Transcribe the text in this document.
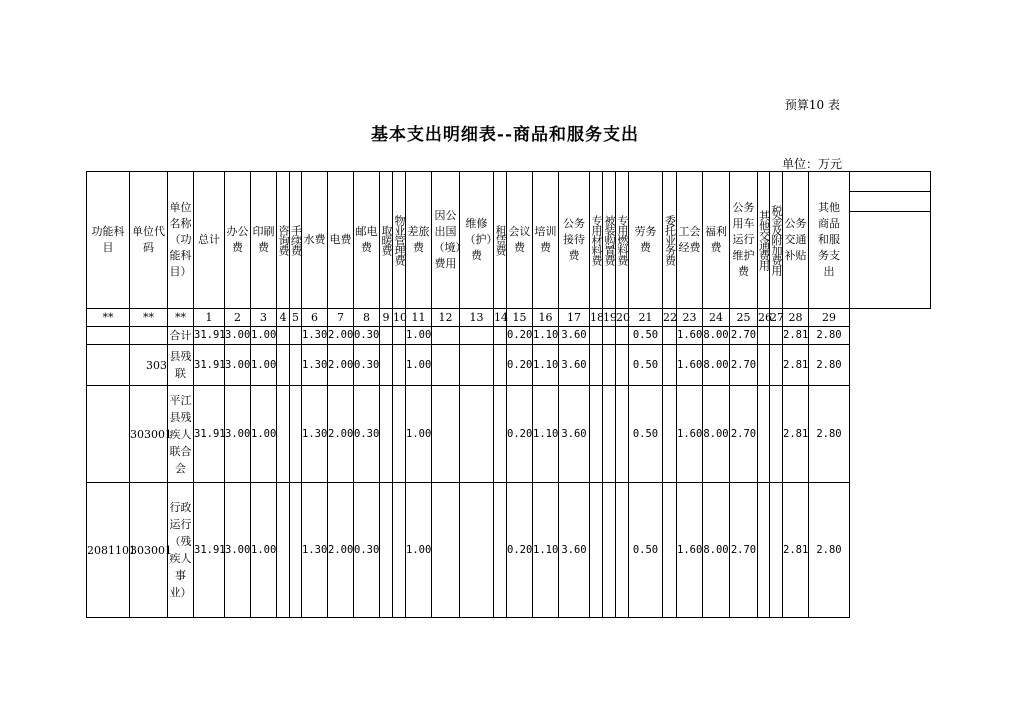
预算10 表
基本支出明细表--商品和服务支出
单位：万元
功能科目	单位代码	单位名称（功能科目）	总计	办公费	印刷费	咨询费	手续费	水费	电费	邮电费	取暖费	物业管理费	差旅费	因公出国（境）费用	维修（护）费	租赁费	会议费	培训费	公务接待费	专用材料费	被装购置费	专用燃料费	劳务费	委托业务费	工会经费	福利费	公务用车运行维护费	其他交通费用	税金及附加费用	公务交通补贴	其他商品和服务支出	

**	**	**	1	2	3	4	5	6	7	8	9	10	11	12	13	14	15	16	17	18	19	20	21	22	23	24	25	26	27	28	29	
		合计	31.91	3.00	1.00			1.30	2.00	0.30			1.00				0.20	1.10	3.60				0.50		1.60	8.00	2.70			2.81	2.80	
	303	县残联	31.91	3.00	1.00			1.30	2.00	0.30			1.00				0.20	1.10	3.60				0.50		1.60	8.00	2.70			2.81	2.80	
	303001	平江县残疾人联合会	31.91	3.00	1.00			1.30	2.00	0.30			1.00				0.20	1.10	3.60				0.50		1.60	8.00	2.70			2.81	2.80	
2081101	303001	行政运行（残疾人事业）	31.91	3.00	1.00			1.30	2.00	0.30			1.00				0.20	1.10	3.60				0.50		1.60	8.00	2.70			2.81	2.80	
